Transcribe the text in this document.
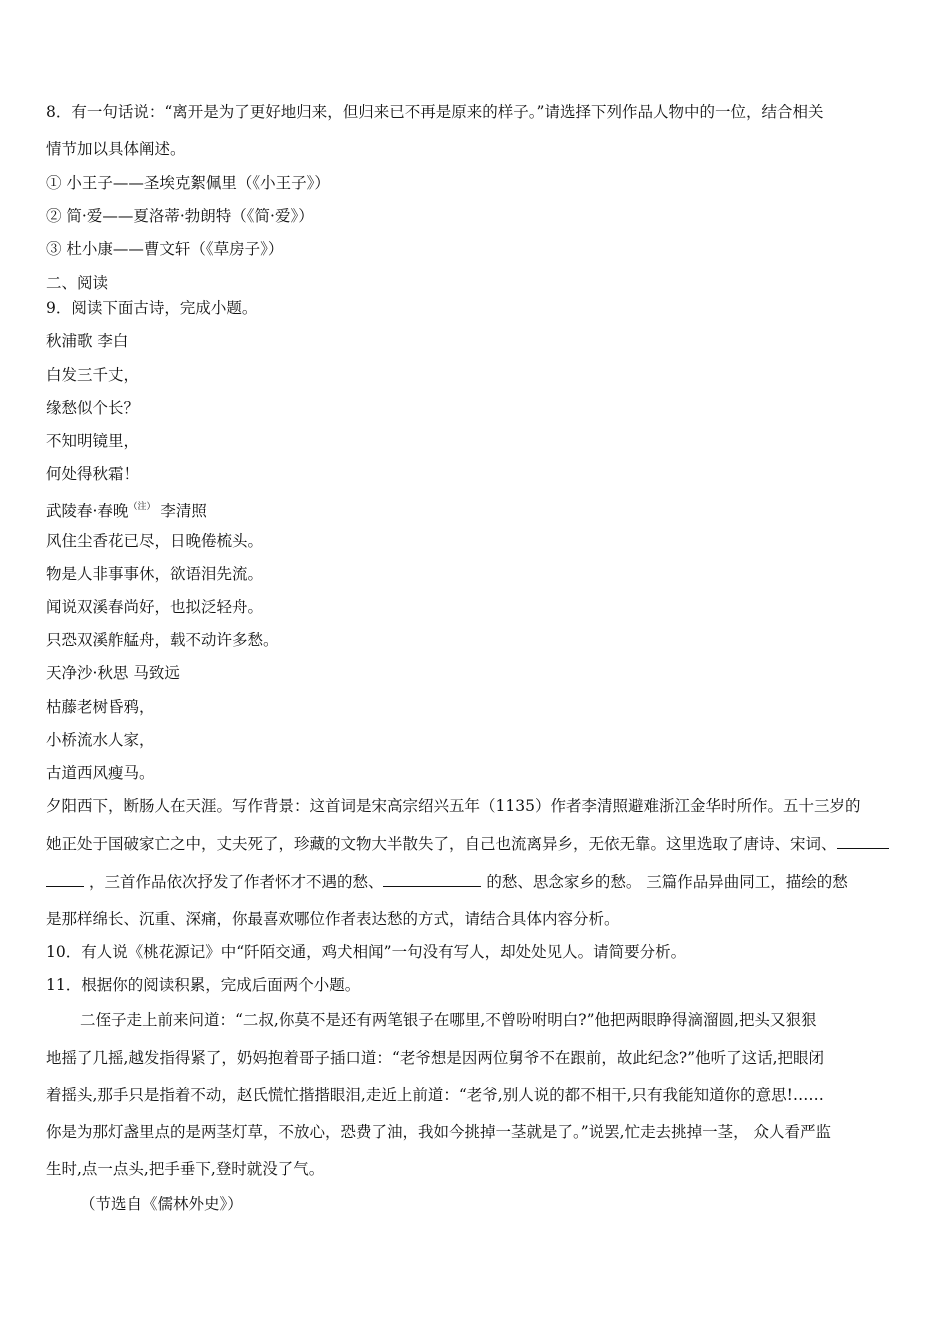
8．有一句话说：“离开是为了更好地归来，但归来已不再是原来的样子。”请选择下列作品人物中的一位，结合相关
情节加以具体阐述。
① 小王子——圣埃克絮佩里（《小王子》）
② 简·爱——夏洛蒂·勃朗特（《简·爱》）
③ 杜小康——曹文轩（《草房子》）
二、阅读
9．阅读下面古诗，完成小题。
秋浦歌 李白
白发三千丈，
缘愁似个长？
不知明镜里，
何处得秋霜！
武陵春·春晚$^{(注)}$ 李清照
风住尘香花已尽，日晚倦梳头。
物是人非事事休，欲语泪先流。
闻说双溪春尚好，也拟泛轻舟。
只恐双溪舴艋舟，载不动许多愁。
天净沙·秋思 马致远
枯藤老树昏鸦，
小桥流水人家，
古道西风瘦马。
夕阳西下，断肠人在天涯。写作背景：这首词是宋高宗绍兴五年（1135）作者李清照避难浙江金华时所作。五十三岁的
她正处于国破家亡之中，丈夫死了，珍藏的文物大半散失了，自己也流离异乡，无依无靠。这里选取了唐诗、宋词、
，三首作品依次抒发了作者怀才不遇的愁、	的愁、思念家乡的愁。 三篇作品异曲同工，描绘的愁
是那样绵长、沉重、深痛，你最喜欢哪位作者表达愁的方式，请结合具体内容分析。
10．有人说《桃花源记》中“阡陌交通，鸡犬相闻”一句没有写人，却处处见人。请简要分析。
11．根据你的阅读积累，完成后面两个小题。
二侄子走上前来问道：“二叔,你莫不是还有两笔银子在哪里,不曾吩咐明白?”他把两眼睁得滴溜圆,把头又狠狠
地摇了几摇,越发指得紧了，奶妈抱着哥子插口道：“老爷想是因两位舅爷不在跟前，故此纪念?”他听了这话,把眼闭
着摇头,那手只是指着不动，赵氏慌忙揩揩眼泪,走近上前道：“老爷,别人说的都不相干,只有我能知道你的意思!……
你是为那灯盏里点的是两茎灯草，不放心，恐费了油，我如今挑掉一茎就是了。”说罢,忙走去挑掉一茎， 众人看严监
生时,点一点头,把手垂下,登时就没了气。
（节选自《儒林外史》）
